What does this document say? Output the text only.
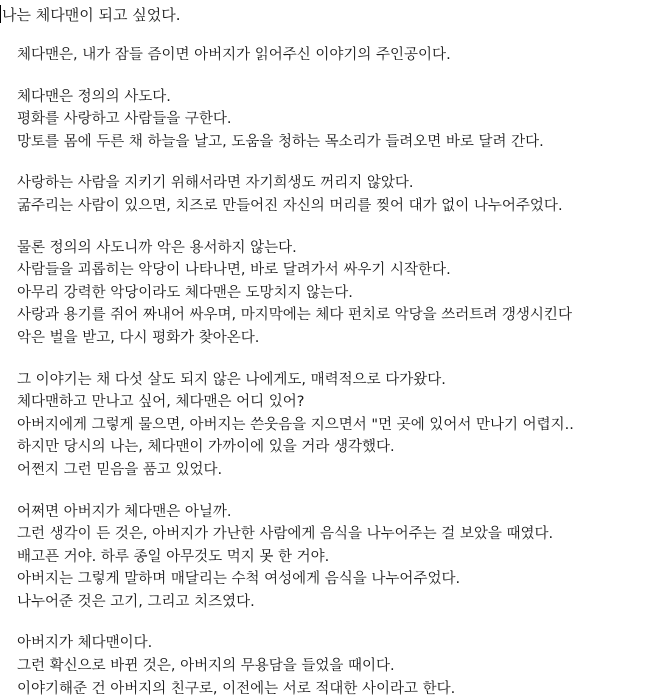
나는 체다맨이 되고 싶었다.
체다맨은, 내가 잠들 즘이면 아버지가 읽어주신 이야기의 주인공이다.
체다맨은 정의의 사도다.
평화를 사랑하고 사람들을 구한다.
망토를 몸에 두른 채 하늘을 날고, 도움을 청하는 목소리가 들려오면 바로 달려 간다.
사랑하는 사람을 지키기 위해서라면 자기희생도 꺼리지 않았다.
굶주리는 사람이 있으면, 치즈로 만들어진 자신의 머리를 찢어 대가 없이 나누어주었다.
물론 정의의 사도니까 악은 용서하지 않는다.
사람들을 괴롭히는 악당이 나타나면, 바로 달려가서 싸우기 시작한다.
아무리 강력한 악당이라도 체다맨은 도망치지 않는다.
사랑과 용기를 쥐어 짜내어 싸우며, 마지막에는 체다 펀치로 악당을 쓰러트려 갱생시킨다
악은 벌을 받고, 다시 평화가 찾아온다.
그 이야기는 채 다섯 살도 되지 않은 나에게도, 매력적으로 다가왔다.
체다맨하고 만나고 싶어, 체다맨은 어디 있어?
아버지에게 그렇게 물으면, 아버지는 쓴웃음을 지으면서 "먼 곳에 있어서 만나기 어렵지..
하지만 당시의 나는, 체다맨이 가까이에 있을 거라 생각했다.
어쩐지 그런 믿음을 품고 있었다.
어쩌면 아버지가 체다맨은 아닐까.
그런 생각이 든 것은, 아버지가 가난한 사람에게 음식을 나누어주는 걸 보았을 때였다.
배고픈 거야. 하루 종일 아무것도 먹지 못 한 거야.
아버지는 그렇게 말하며 매달리는 수척 여성에게 음식을 나누어주었다.
나누어준 것은 고기, 그리고 치즈였다.
아버지가 체다맨이다.
그런 확신으로 바뀐 것은, 아버지의 무용담을 들었을 때이다.
이야기해준 건 아버지의 친구로, 이전에는 서로 적대한 사이라고 한다.
